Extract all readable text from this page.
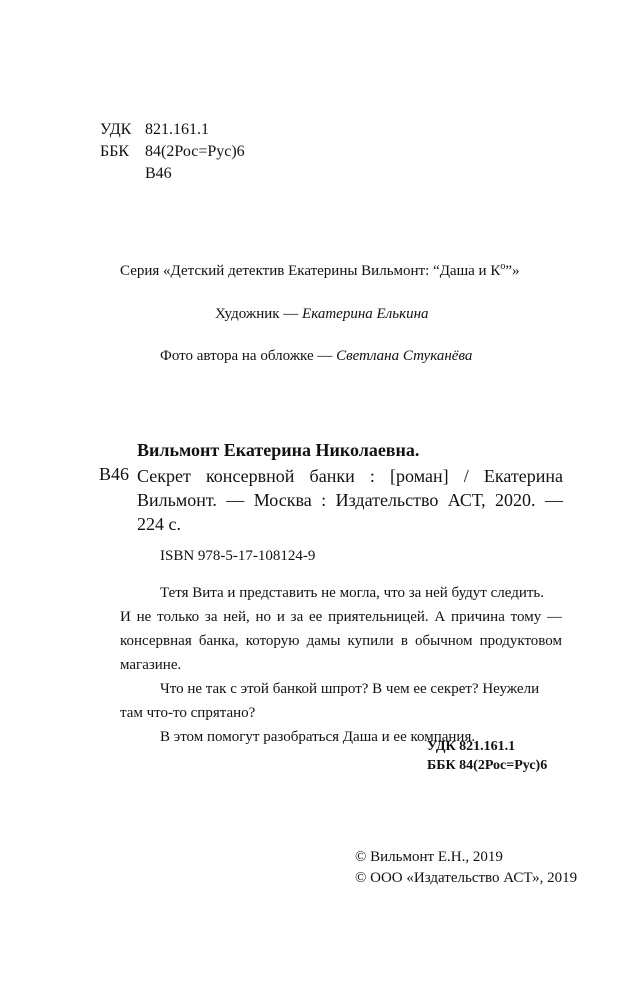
УДК 821.161.1
ББК 84(2Рос=Рус)6
В46
Серия «Детский детектив Екатерины Вильмонт: “Даша и $К^о$”»
Художник — Екатерина Елькина
Фото автора на обложке — Светлана Стуканёва
Вильмонт Екатерина Николаевна.
В46 Секрет консервной банки : [роман] / Екатерина
Вильмонт. — Москва : Издательство АСТ, 2020. —
224 с.
ISBN 978-5-17-108124-9
Тетя Вита и представить не могла, что за ней будут следить.
И не только за ней, но и за ее приятельницей. А причина тому —
консервная банка, которую дамы купили в обычном продуктовом
магазине.
Что не так с этой банкой шпрот? В чем ее секрет? Неужели
там что-то спрятано?
В этом помогут разобраться Даша и ее компания.
УДК 821.161.1
ББК 84(2Рос=Рус)6
© Вильмонт Е.Н., 2019
© ООО «Издательство АСТ», 2019
